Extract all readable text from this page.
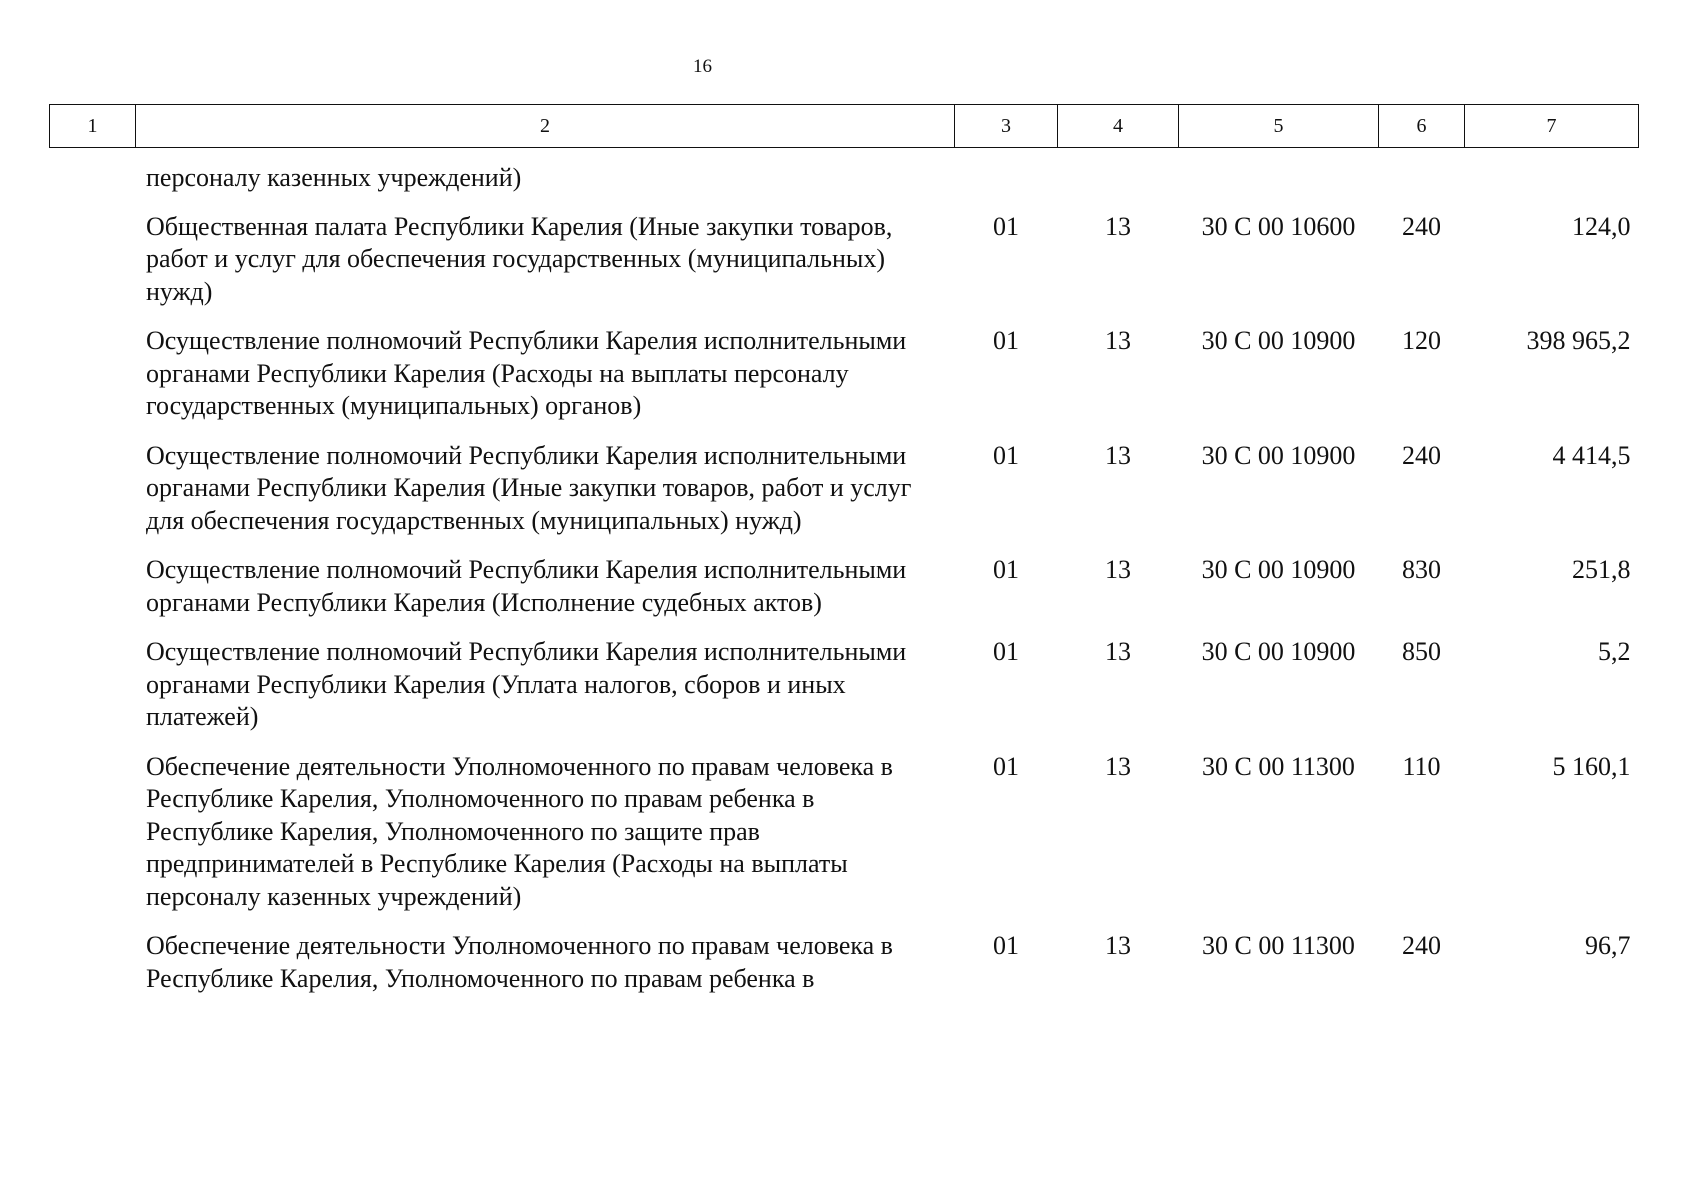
16
1	2	3	4	5	6	7
	персоналу казенных учреждений)					
	Общественная палата Республики Карелия (Иные закупки товаров, работ и услуг для обеспечения государственных (муниципальных) нужд)	01	13	30 С 00 10600	240	124,0
	Осуществление полномочий Республики Карелия исполнительными органами Республики Карелия (Расходы на выплаты персоналу государственных (муниципальных) органов)	01	13	30 С 00 10900	120	398 965,2
	Осуществление полномочий Республики Карелия исполнительными органами Республики Карелия (Иные закупки товаров, работ и услуг для обеспечения государственных (муниципальных) нужд)	01	13	30 С 00 10900	240	4 414,5
	Осуществление полномочий Республики Карелия исполнительными органами Республики Карелия (Исполнение судебных актов)	01	13	30 С 00 10900	830	251,8
	Осуществление полномочий Республики Карелия исполнительными органами Республики Карелия (Уплата налогов, сборов и иных платежей)	01	13	30 С 00 10900	850	5,2
	Обеспечение деятельности Уполномоченного по правам человека в Республике Карелия, Уполномоченного по правам ребенка в Республике Карелия, Уполномоченного по защите прав предпринимателей в Республике Карелия (Расходы на выплаты персоналу казенных учреждений)	01	13	30 С 00 11300	110	5 160,1
	Обеспечение деятельности Уполномоченного по правам человека в Республике Карелия, Уполномоченного по правам ребенка в	01	13	30 С 00 11300	240	96,7
